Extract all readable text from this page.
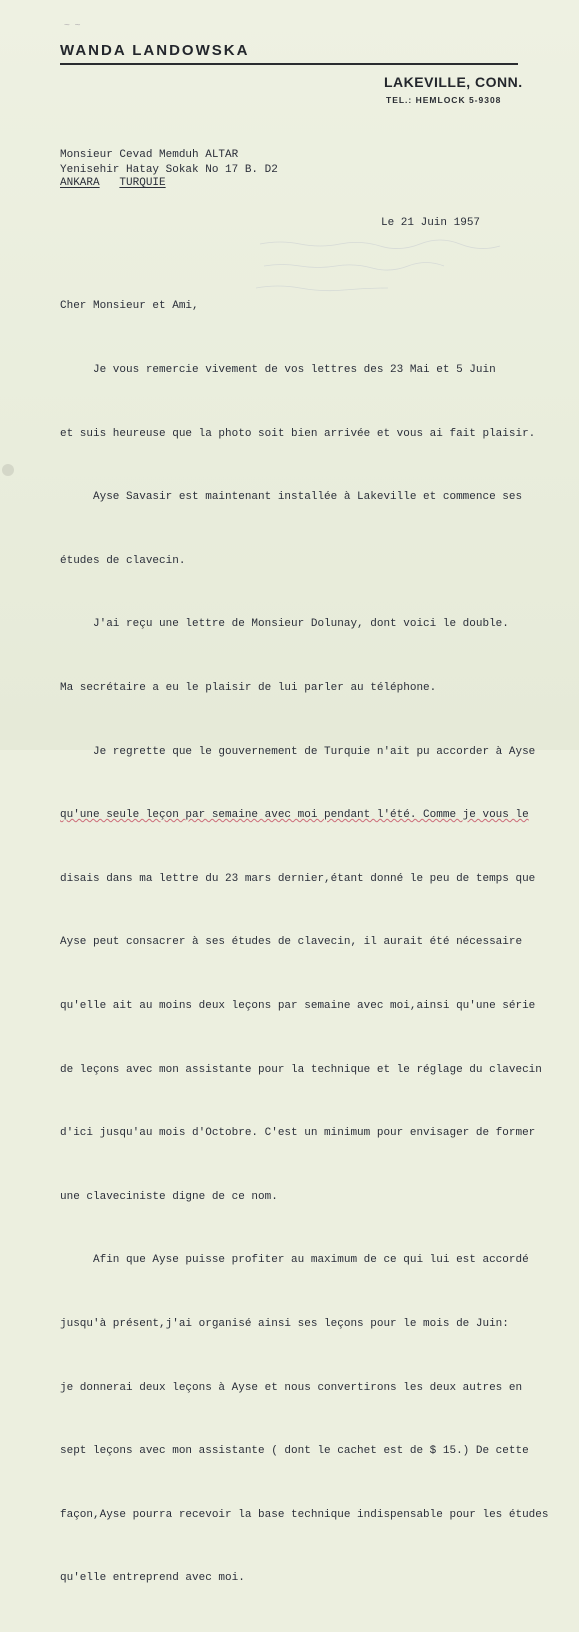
~ ~
WANDA LANDOWSKA
LAKEVILLE, CONN.
TEL.: HEMLOCK 5-9308
Monsieur Cevad Memduh ALTAR
Yenisehir Hatay Sokak No 17 B. D2
ANKARA TURQUIE
Le 21 Juin 1957

Cher Monsieur et Ami,

Je vous remercie vivement de vos lettres des 23 Mai et 5 Juin

et suis heureuse que la photo soit bien arrivée et vous ai fait plaisir.

Ayse Savasir est maintenant installée à Lakeville et commence ses

études de clavecin.

J'ai reçu une lettre de Monsieur Dolunay, dont voici le double.

Ma secrétaire a eu le plaisir de lui parler au téléphone.

Je regrette que le gouvernement de Turquie n'ait pu accorder à Ayse

qu'une seule leçon par semaine avec moi pendant l'été. Comme je vous le

disais dans ma lettre du 23 mars dernier,étant donné le peu de temps que

Ayse peut consacrer à ses études de clavecin, il aurait été nécessaire

qu'elle ait au moins deux leçons par semaine avec moi,ainsi qu'une série

de leçons avec mon assistante pour la technique et le réglage du clavecin

d'ici jusqu'au mois d'Octobre. C'est un minimum pour envisager de former

une claveciniste digne de ce nom.

Afin que Ayse puisse profiter au maximum de ce qui lui est accordé

jusqu'à présent,j'ai organisé ainsi ses leçons pour le mois de Juin:

je donnerai deux leçons à Ayse et nous convertirons les deux autres en

sept leçons avec mon assistante ( dont le cachet est de $ 15.) De cette

façon,Ayse pourra recevoir la base technique indispensable pour les études

qu'elle entreprend avec moi.
